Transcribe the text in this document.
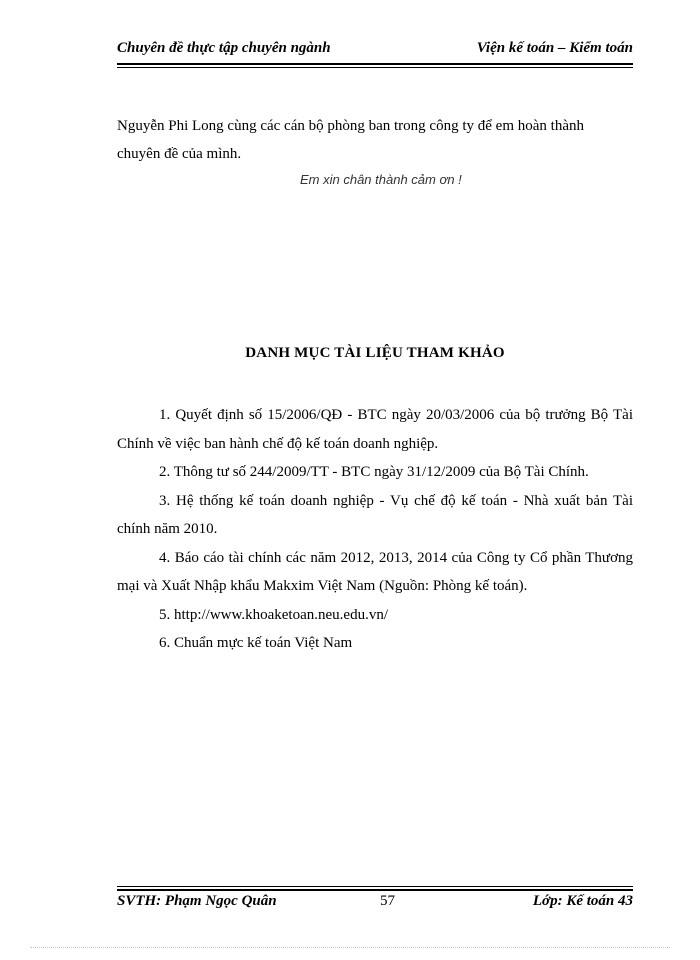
Chuyên đề thực tập chuyên ngành	Viện kế toán – Kiểm toán

Nguyễn Phi Long cùng các cán bộ phòng ban trong công ty để em hoàn thành

chuyên đề của mình.

Em xin chân thành cảm ơn !
DANH MỤC TÀI LIỆU THAM KHẢO

1. Quyết định số 15/2006/QĐ - BTC ngày 20/03/2006 của bộ trưởng Bộ Tài Chính về việc ban hành chế độ kế toán doanh nghiệp.

2. Thông tư số 244/2009/TT - BTC ngày 31/12/2009 của Bộ Tài Chính.

3. Hệ thống kế toán doanh nghiệp - Vụ chế độ kế toán - Nhà xuất bản Tài chính năm 2010.

4. Báo cáo tài chính các năm 2012, 2013, 2014 của Công ty Cổ phần Thương mại và Xuất Nhập khẩu Makxim Việt Nam (Nguồn: Phòng kế toán).

5. http://www.khoaketoan.neu.edu.vn/

6. Chuẩn mực kế toán Việt Nam

SVTH: Phạm Ngọc Quân	57	Lớp: Kế toán 43
